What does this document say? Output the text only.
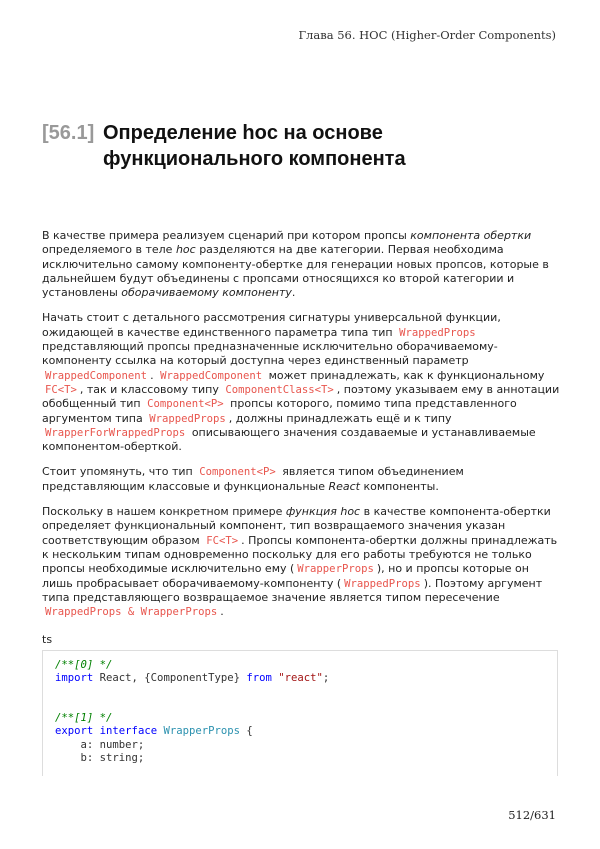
Глава 56. HOC (Higher-Order Components)
[56.1] Определение hoc на основе функционального компонента

В качестве примера реализуем сценарий при котором пропсы компонента обертки определяемого в теле hoc разделяются на две категории. Первая необходима исключительно самому компоненту-обертке для генерации новых пропсов, которые в дальнейшем будут объединены с пропсами относящихся ко второй категории и установлены оборачиваемому компоненту.

Начать стоит с детального рассмотрения сигнатуры универсальной функции, ожидающей в качестве единственного параметра типа тип WrappedProps представляющий пропсы предназначенные исключительно оборачиваемому-компоненту ссылка на который доступна через единственный параметр WrappedComponent . WrappedComponent может принадлежать, как к функциональному FC<T> , так и классовому типу ComponentClass<T> , поэтому указываем ему в аннотации обобщенный тип Component<P> пропсы которого, помимо типа представленного аргументом типа WrappedProps , должны принадлежать ещё и к типу WrapperForWrappedProps описывающего значения создаваемые и устанавливаемые компонентом-оберткой.

Стоит упомянуть, что тип Component<P> является типом объединением представляющим классовые и функциональные React компоненты.

Поскольку в нашем конкретном примере функция hoc в качестве компонента-обертки определяет функциональный компонент, тип возвращаемого значения указан соответствующим образом FC<T> . Пропсы компонента-обертки должны принадлежать к нескольким типам одновременно поскольку для его работы требуются не только пропсы необходимые исключительно ему ( WrapperProps ), но и пропсы которые он лишь пробрасывает оборачиваемому-компоненту ( WrappedProps ). Поэтому аргумент типа представляющего возвращаемое значение является типом пересечение WrappedProps & WrapperProps .

ts
/**[0] */
import React, {ComponentType} from "react";
/**[1] */
export interface WrapperProps {
a: number;
b: string;
512/631
